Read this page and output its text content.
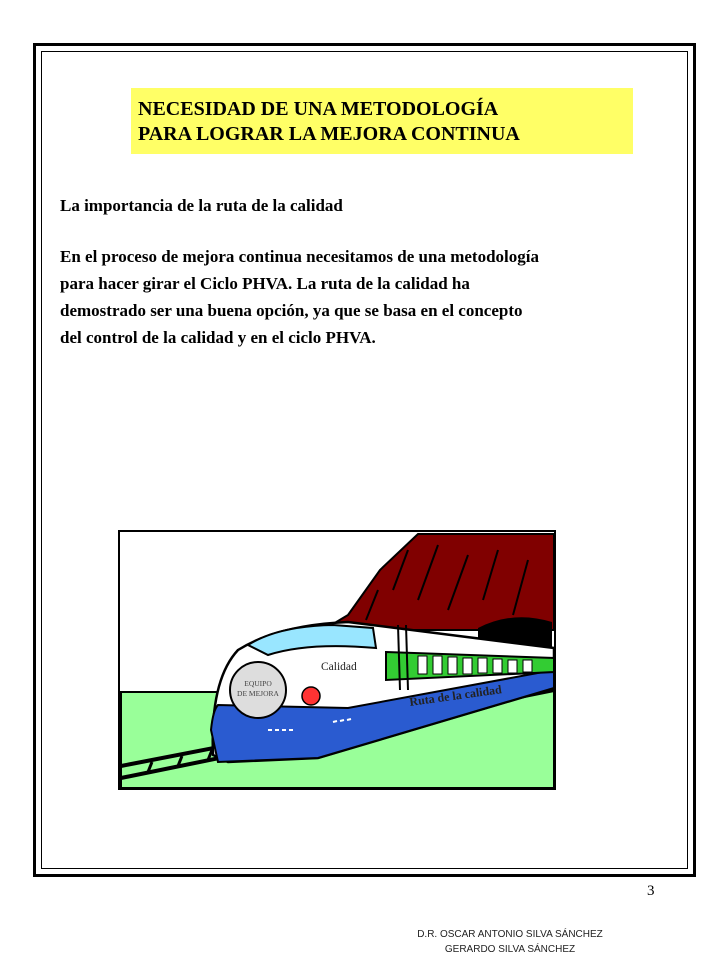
NECESIDAD DE UNA METODOLOGÍA
PARA LOGRAR LA MEJORA CONTINUA
La importancia de la ruta de la calidad
En el proceso de mejora continua necesitamos de una metodología
para hacer girar el Ciclo PHVA. La ruta de la calidad ha
demostrado ser una buena opción, ya que se basa en el concepto
del control de la calidad y en el ciclo PHVA.
EQUIPO
DE MEJORA
Calidad
Ruta de la calidad
3
D.R. OSCAR ANTONIO SILVA SÁNCHEZ
GERARDO SILVA SÁNCHEZ
